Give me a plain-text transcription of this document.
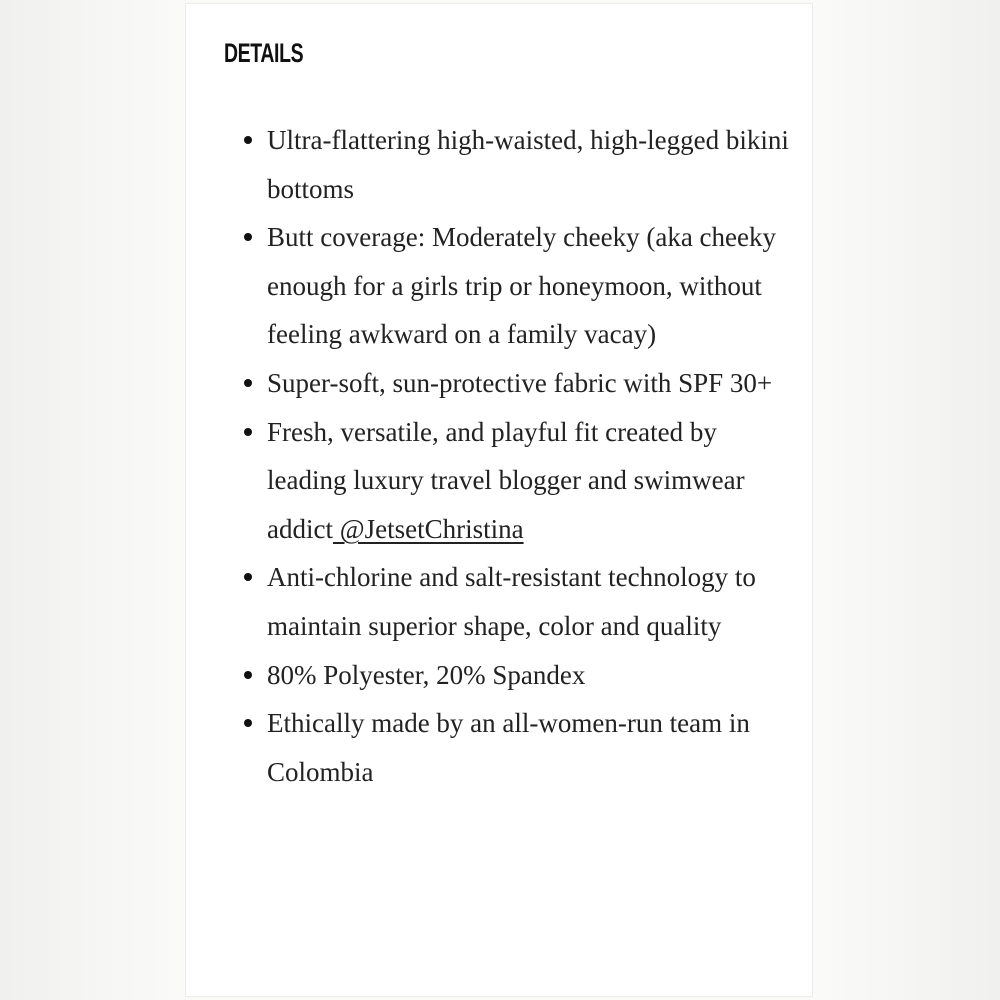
DETAILS
Ultra-flattering high-waisted, high-legged bikini bottoms
Butt coverage: Moderately cheeky (aka cheeky enough for a girls trip or honeymoon, without feeling awkward on a family vacay)
Super-soft, sun-protective fabric with SPF 30+
Fresh, versatile, and playful fit created by leading luxury travel blogger and swimwear addict @JetsetChristina
Anti-chlorine and salt-resistant technology to maintain superior shape, color and quality
80% Polyester, 20% Spandex
Ethically made by an all-women-run team in Colombia
